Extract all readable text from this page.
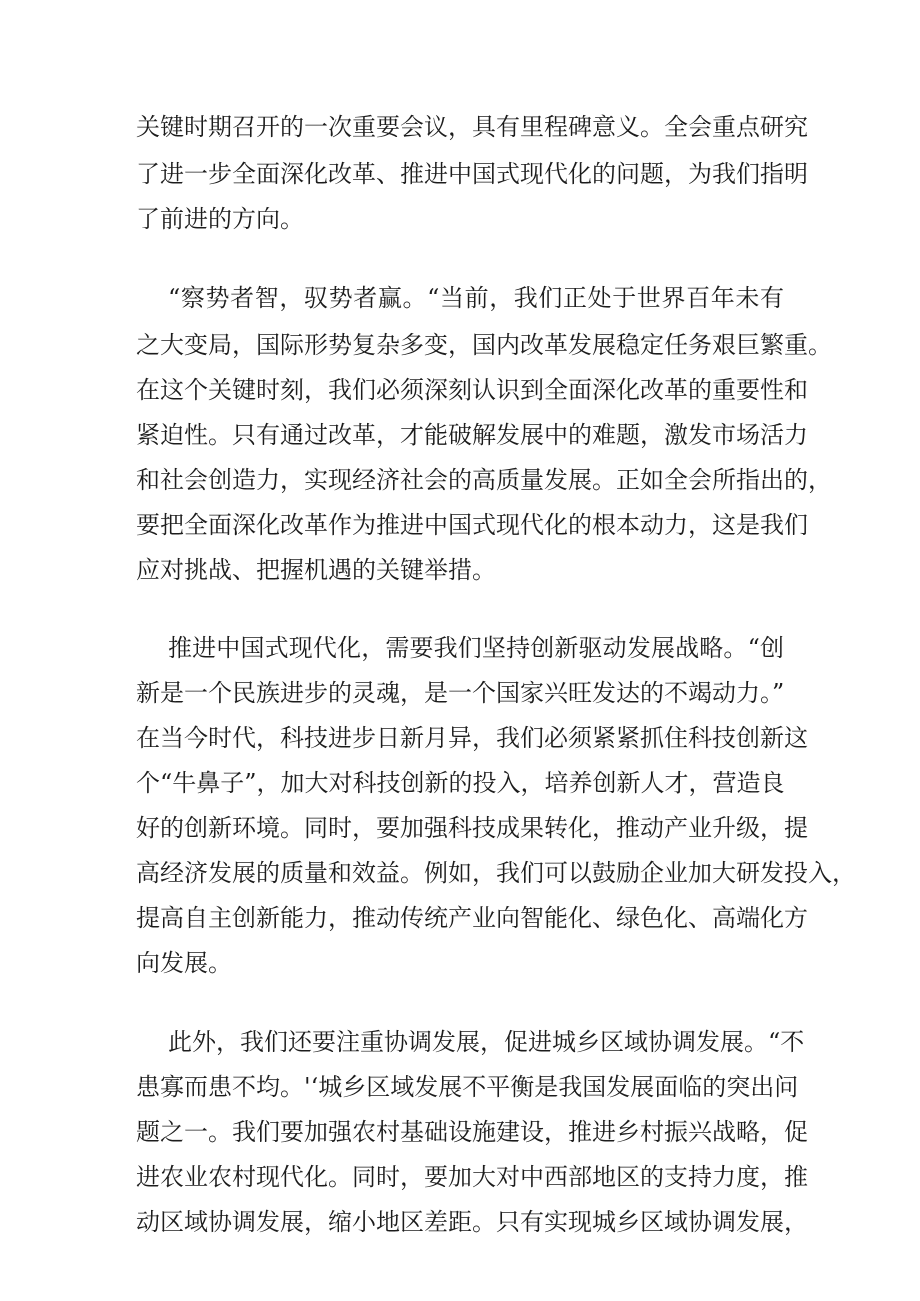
关键时期召开的一次重要会议，具有里程碑意义。全会重点研究
了进一步全面深化改革、推进中国式现代化的问题，为我们指明
了前进的方向。
“察势者智，驭势者赢。“当前，我们正处于世界百年未有
之大变局，国际形势复杂多变，国内改革发展稳定任务艰巨繁重。
在这个关键时刻，我们必须深刻认识到全面深化改革的重要性和
紧迫性。只有通过改革，才能破解发展中的难题，激发市场活力
和社会创造力，实现经济社会的高质量发展。正如全会所指出的，
要把全面深化改革作为推进中国式现代化的根本动力，这是我们
应对挑战、把握机遇的关键举措。
推进中国式现代化，需要我们坚持创新驱动发展战略。“创
新是一个民族进步的灵魂，是一个国家兴旺发达的不竭动力。”
在当今时代，科技进步日新月异，我们必须紧紧抓住科技创新这
个“牛鼻子”，加大对科技创新的投入，培养创新人才，营造良
好的创新环境。同时，要加强科技成果转化，推动产业升级，提
高经济发展的质量和效益。例如，我们可以鼓励企业加大研发投入，
提高自主创新能力，推动传统产业向智能化、绿色化、高端化方
向发展。
此外，我们还要注重协调发展，促进城乡区域协调发展。“不
患寡而患不均。'‘城乡区域发展不平衡是我国发展面临的突出问
题之一。我们要加强农村基础设施建设，推进乡村振兴战略，促
进农业农村现代化。同时，要加大对中西部地区的支持力度，推
动区域协调发展，缩小地区差距。只有实现城乡区域协调发展，
